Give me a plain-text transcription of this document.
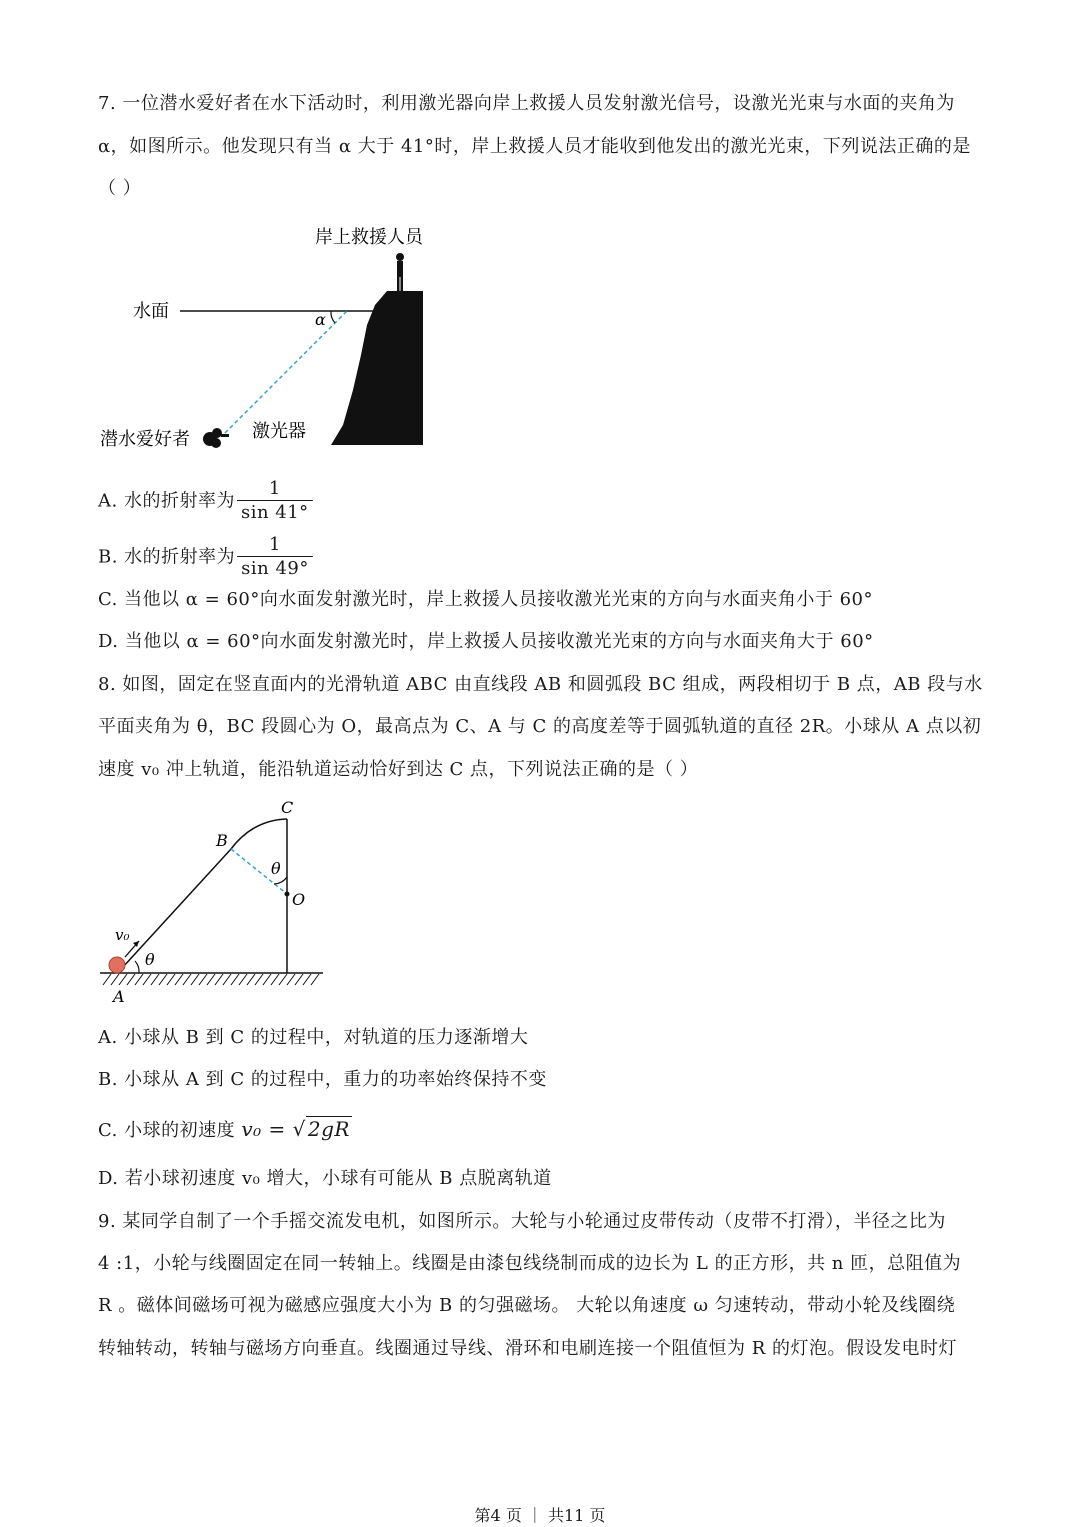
7. 一位潜水爱好者在水下活动时，利用激光器向岸上救援人员发射激光信号，设激光光束与水面的夹角为
α，如图所示。他发现只有当 α 大于 41°时，岸上救援人员才能收到他发出的激光光束，下列说法正确的是
（ ）
岸上救援人员
水面	α
潜水爱好者	激光器
A. 水的折射率为 $\frac{1}{\sin 41^\circ}$
B. 水的折射率为 $\frac{1}{\sin 49^\circ}$
C. 当他以 α = 60°向水面发射激光时，岸上救援人员接收激光光束的方向与水面夹角小于 60°
D. 当他以 α = 60°向水面发射激光时，岸上救援人员接收激光光束的方向与水面夹角大于 60°
8. 如图，固定在竖直面内的光滑轨道 ABC 由直线段 AB 和圆弧段 BC 组成，两段相切于 B 点，AB 段与水
平面夹角为 θ，BC 段圆心为 O，最高点为 C、A 与 C 的高度差等于圆弧轨道的直径 2R。小球从 A 点以初
速度 v₀ 冲上轨道，能沿轨道运动恰好到达 C 点，下列说法正确的是（ ）
θ
v₀
θ
A
B
C
O
A. 小球从 B 到 C 的过程中，对轨道的压力逐渐增大
B. 小球从 A 到 C 的过程中，重力的功率始终保持不变
C. 小球的初速度 v₀ = √ 2gR
D. 若小球初速度 v₀ 增大，小球有可能从 B 点脱离轨道
9. 某同学自制了一个手摇交流发电机，如图所示。大轮与小轮通过皮带传动（皮带不打滑），半径之比为
4 :1，小轮与线圈固定在同一转轴上。线圈是由漆包线绕制而成的边长为 L 的正方形，共 n 匝，总阻值为
R 。磁体间磁场可视为磁感应强度大小为 B 的匀强磁场。 大轮以角速度 ω 匀速转动，带动小轮及线圈绕
转轴转动，转轴与磁场方向垂直。线圈通过导线、滑环和电刷连接一个阻值恒为 R 的灯泡。假设发电时灯
第4 页 ｜ 共11 页
